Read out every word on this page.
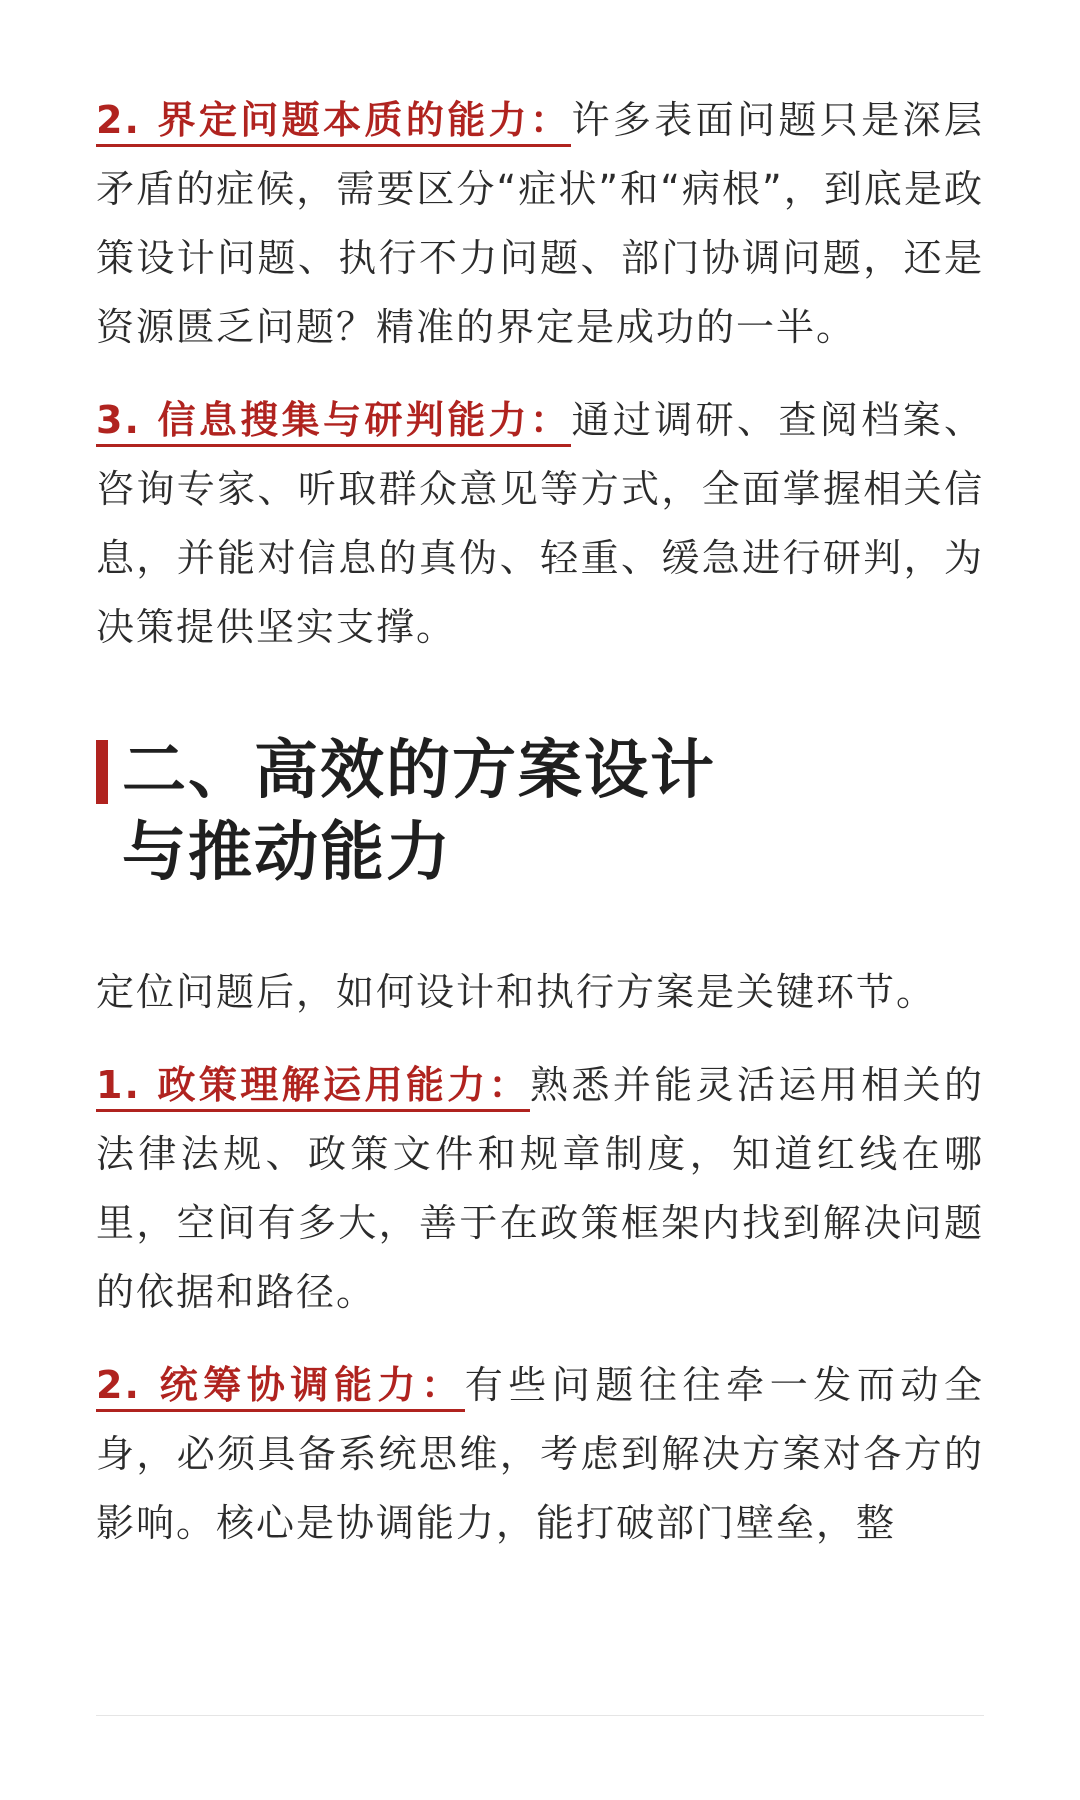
2. 界定问题本质的能力：许多表面问题只是深层矛盾的症候，需要区分“症状”和“病根”，到底是政策设计问题、执行不力问题、部门协调问题，还是资源匮乏问题？精准的界定是成功的一半。

3. 信息搜集与研判能力：通过调研、查阅档案、咨询专家、听取群众意见等方式，全面掌握相关信息，并能对信息的真伪、轻重、缓急进行研判，为决策提供坚实支撑。

二、高效的方案设计
与推动能力

定位问题后，如何设计和执行方案是关键环节。

1. 政策理解运用能力：熟悉并能灵活运用相关的法律法规、政策文件和规章制度，知道红线在哪里，空间有多大，善于在政策框架内找到解决问题的依据和路径。

2. 统筹协调能力：有些问题往往牵一发而动全身，必须具备系统思维，考虑到解决方案对各方的影响。核心是协调能力，能打破部门壁垒，整
